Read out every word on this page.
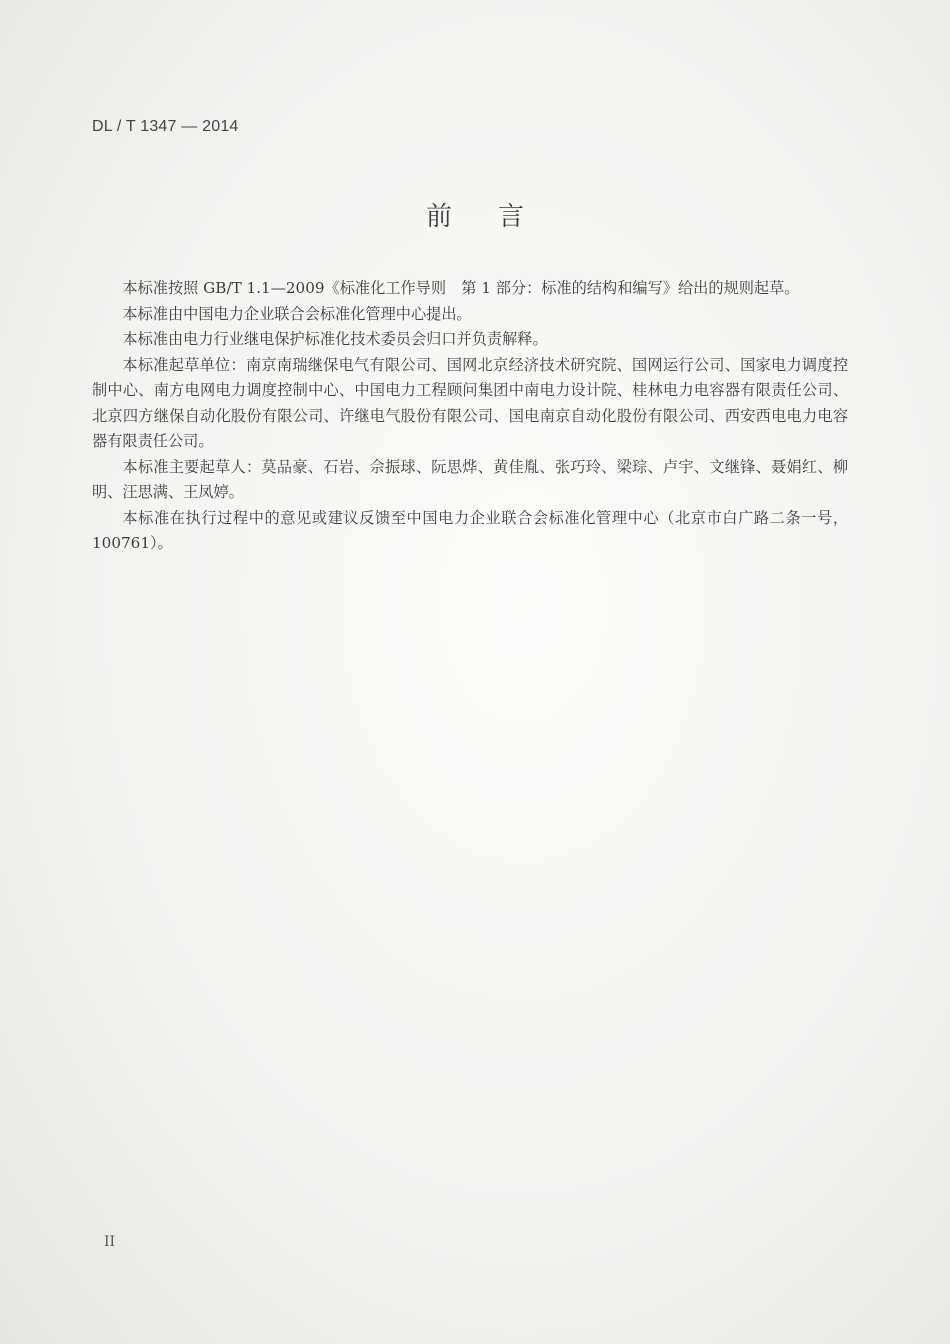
DL / T 1347 — 2014
前言

本标准按照 GB/T 1.1—2009《标准化工作导则　第 1 部分：标准的结构和编写》给出的规则起草。

本标准由中国电力企业联合会标准化管理中心提出。

本标准由电力行业继电保护标准化技术委员会归口并负责解释。

本标准起草单位：南京南瑞继保电气有限公司、国网北京经济技术研究院、国网运行公司、国家电力调度控制中心、南方电网电力调度控制中心、中国电力工程顾问集团中南电力设计院、桂林电力电容器有限责任公司、北京四方继保自动化股份有限公司、许继电气股份有限公司、国电南京自动化股份有限公司、西安西电电力电容器有限责任公司。

本标准主要起草人：莫品豪、石岩、佘振球、阮思烨、黄佳胤、张巧玲、梁琮、卢宇、文继锋、聂娟红、柳明、汪思满、王凤婷。

本标准在执行过程中的意见或建议反馈至中国电力企业联合会标准化管理中心（北京市白广路二条一号，100761）。

II
